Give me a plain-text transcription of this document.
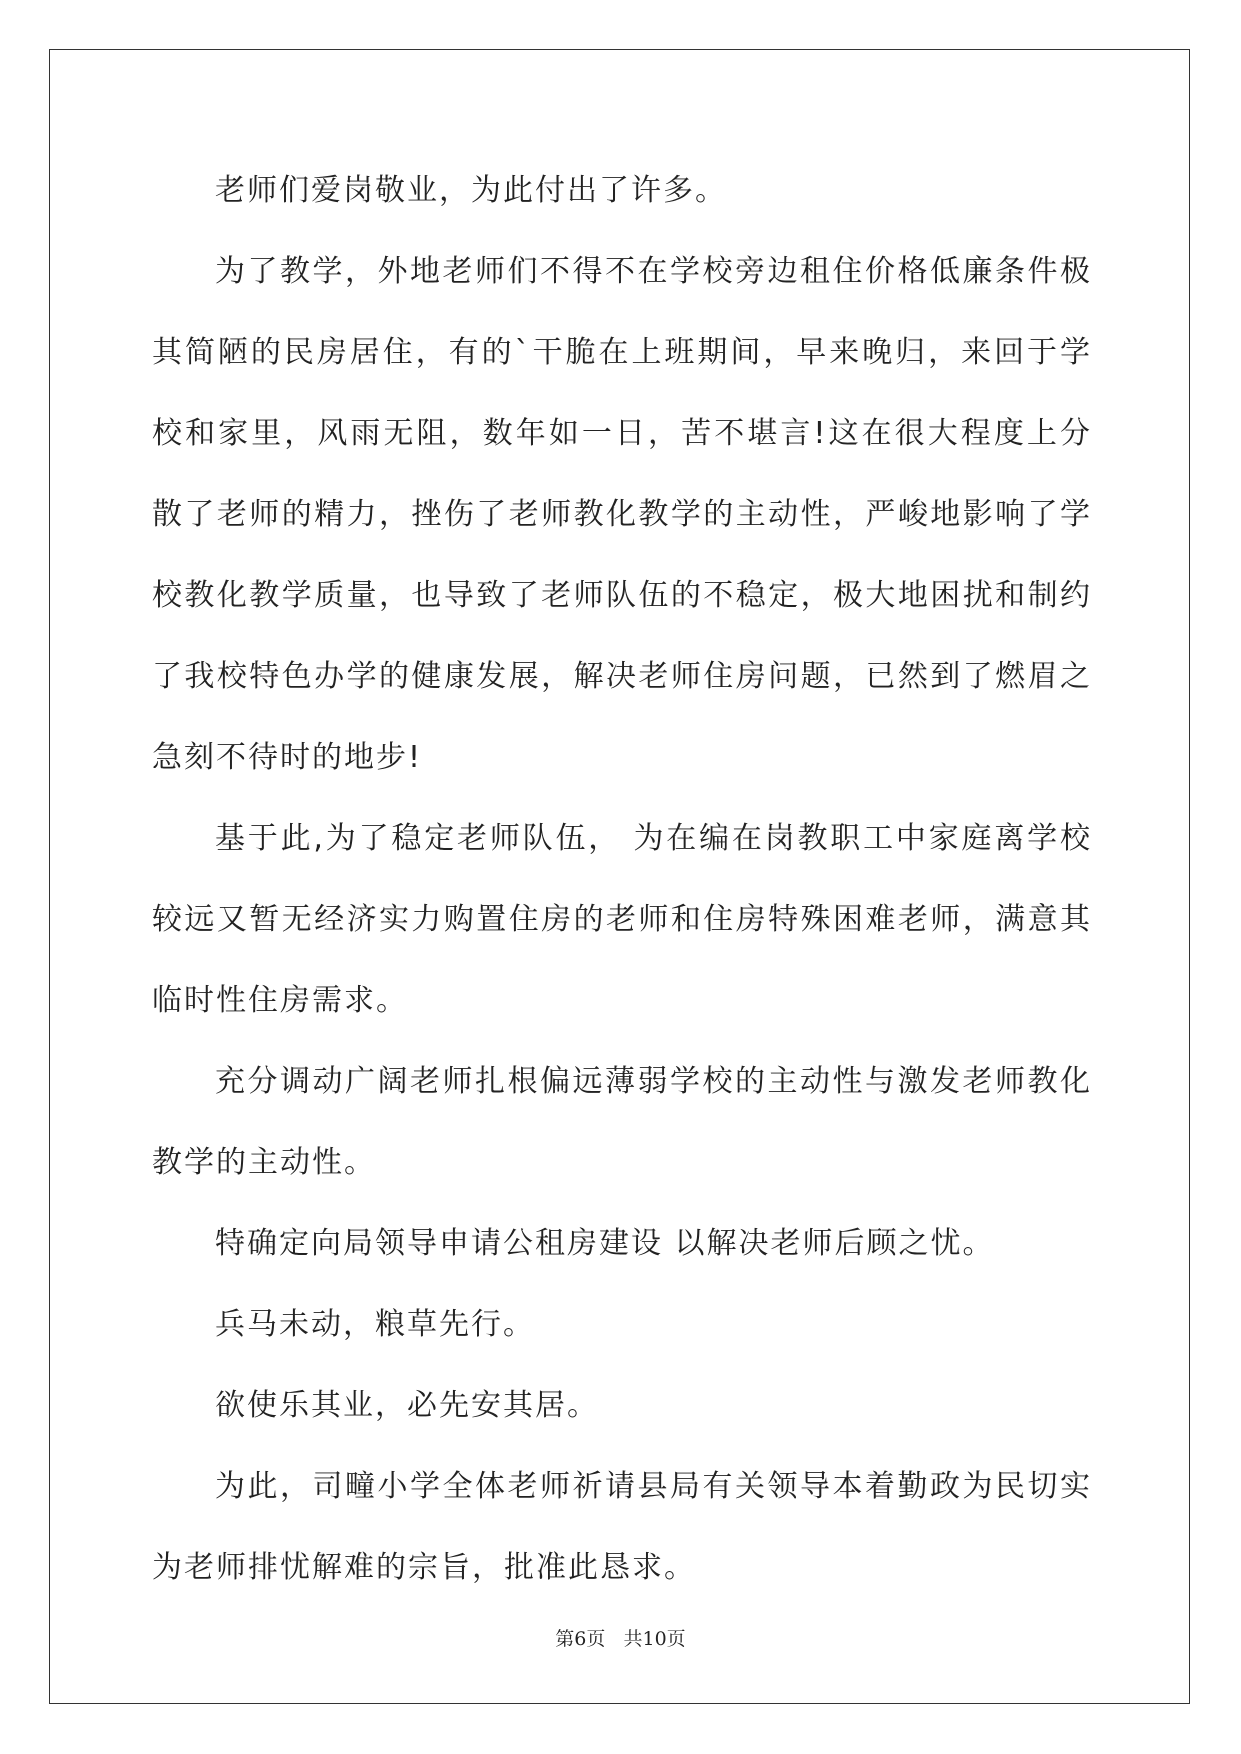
老师们爱岗敬业，为此付出了许多。

为了教学，外地老师们不得不在学校旁边租住价格低廉条件极其简陋的民房居住，有的`干脆在上班期间，早来晚归，来回于学校和家里，风雨无阻，数年如一日，苦不堪言!这在很大程度上分散了老师的精力，挫伤了老师教化教学的主动性，严峻地影响了学校教化教学质量，也导致了老师队伍的不稳定，极大地困扰和制约了我校特色办学的健康发展，解决老师住房问题，已然到了燃眉之急刻不待时的地步!

基于此,为了稳定老师队伍， 为在编在岗教职工中家庭离学校较远又暂无经济实力购置住房的老师和住房特殊困难老师，满意其临时性住房需求。

充分调动广阔老师扎根偏远薄弱学校的主动性与激发老师教化教学的主动性。

特确定向局领导申请公租房建设 以解决老师后顾之忧。

兵马未动，粮草先行。

欲使乐其业，必先安其居。

为此，司疃小学全体老师祈请县局有关领导本着勤政为民切实为老师排忧解难的宗旨，批准此恳求。

第6页   共10页
